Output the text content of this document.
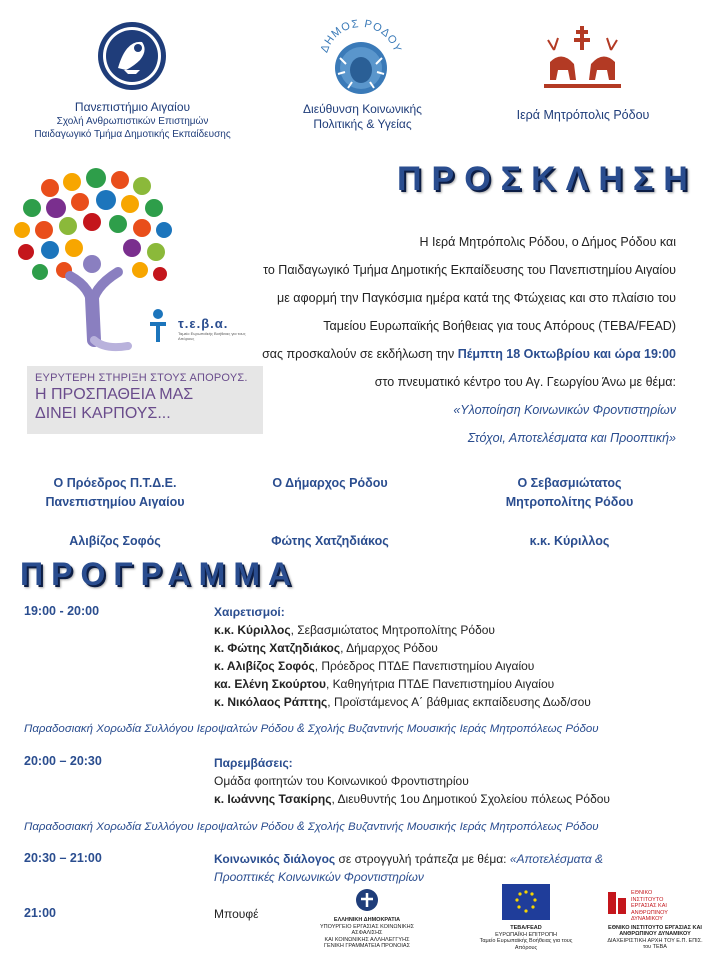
Πανεπιστήμιο Αιγαίου
Σχολή Ανθρωπιστικών Επιστημών
Παιδαγωγικό Τμήμα Δημοτικής Εκπαίδευσης
ΔΗΜΟΣ ΡΟΔΟΥ
Διεύθυνση Κοινωνικής
Πολιτικής & Υγείας
Ιερά Μητρόπολις Ρόδου
ΠΡΟΣΚΛΗΣΗ
τ.ε.β.α.
Ταμείο Ευρωπαϊκής Βοήθειας για τους Απόρους
ΕΥΡΥΤΕΡΗ ΣΤΗΡΙΞΗ ΣΤΟΥΣ ΑΠΟΡΟΥΣ.
Η ΠΡΟΣΠΑΘΕΙΑ ΜΑΣ
ΔΙΝΕΙ ΚΑΡΠΟΥΣ...
Η Ιερά Μητρόπολις Ρόδου, ο Δήμος Ρόδου και
το Παιδαγωγικό Τμήμα Δημοτικής Εκπαίδευσης του Πανεπιστημίου Αιγαίου
με αφορμή την Παγκόσμια ημέρα κατά της Φτώχειας και στο πλαίσιο του
Ταμείου Ευρωπαϊκής Βοήθειας για τους Απόρους (ΤΕΒΑ/FEAD)
σας προσκαλούν σε εκδήλωση την Πέμπτη 18 Οκτωβρίου και ώρα 19:00
στο πνευματικό κέντρο του Αγ. Γεωργίου Άνω με θέμα:
«Υλοποίηση Κοινωνικών Φροντιστηρίων
Στόχοι, Αποτελέσματα και Προοπτική»
Ο Πρόεδρος Π.Τ.Δ.Ε.
Πανεπιστημίου Αιγαίου
Αλιβίζος Σοφός
Ο Δήμαρχος Ρόδου
Φώτης Χατζηδιάκος
Ο Σεβασμιώτατος
Μητροπολίτης Ρόδου
κ.κ. Κύριλλος
ΠΡΟΓΡΑΜΜΑ
19:00 - 20:00	Χαιρετισμοί:
κ.κ. Κύριλλος, Σεβασμιώτατος Μητροπολίτης Ρόδου
κ. Φώτης Χατζηδιάκος, Δήμαρχος Ρόδου
κ. Αλιβίζος Σοφός, Πρόεδρος ΠΤΔΕ Πανεπιστημίου Αιγαίου
κα. Ελένη Σκούρτου, Καθηγήτρια ΠΤΔΕ Πανεπιστημίου Αιγαίου
κ. Νικόλαος Ράπτης, Προϊστάμενος Α΄ βάθμιας εκπαίδευσης Δωδ/σου
Παραδοσιακή Χορωδία Συλλόγου Ιεροψαλτών Ρόδου & Σχολής Βυζαντινής Μουσικής Ιεράς Μητροπόλεως Ρόδου
20:00 – 20:30	Παρεμβάσεις:
Ομάδα φοιτητών του Κοινωνικού Φροντιστηρίου
κ. Ιωάννης Τσακίρης, Διευθυντής 1ου Δημοτικού Σχολείου πόλεως Ρόδου
Παραδοσιακή Χορωδία Συλλόγου Ιεροψαλτών Ρόδου & Σχολής Βυζαντινής Μουσικής Ιεράς Μητροπόλεως Ρόδου
20:30 – 21:00	Κοινωνικός διάλογος σε στρογγυλή τράπεζα με θέμα: «Αποτελέσματα &
Προοπτικές Κοινωνικών Φροντιστηρίων
21:00	Μπουφέ	ΕΛΛΗΝΙΚΗ ΔΗΜΟΚΡΑΤΙΑ
ΥΠΟΥΡΓΕΙΟ ΕΡΓΑΣΙΑΣ ΚΟΙΝΩΝΙΚΗΣ ΑΣΦΑΛΙΣΗΣ
ΚΑΙ ΚΟΙΝΩΝΙΚΗΣ ΑΛΛΗΛΕΓΓΥΗΣ
ΓΕΝΙΚΗ ΓΡΑΜΜΑΤΕΙΑ ΠΡΟΝΟΙΑΣ
ΤΕΒΑ/FEAD
ΕΥΡΩΠΑΪΚΗ ΕΠΙΤΡΟΠΗ
Ταμείο Ευρωπαϊκής Βοήθειας για τους Απόρους
ΕΘΝΙΚΟ
ΙΝΣΤΙΤΟΥΤΟ
ΕΡΓΑΣΙΑΣ ΚΑΙ
ΑΝΘΡΩΠΙΝΟΥ
ΔΥΝΑΜΙΚΟΥ
ΕΘΝΙΚΟ ΙΝΣΤΙΤΟΥΤΟ ΕΡΓΑΣΙΑΣ ΚΑΙ ΑΝΘΡΩΠΙΝΟΥ ΔΥΝΑΜΙΚΟΥ
ΔΙΑΧΕΙΡΙΣΤΙΚΗ ΑΡΧΗ ΤΟΥ Ε.Π. ΕΠΙΣ. του ΤΕΒΑ
